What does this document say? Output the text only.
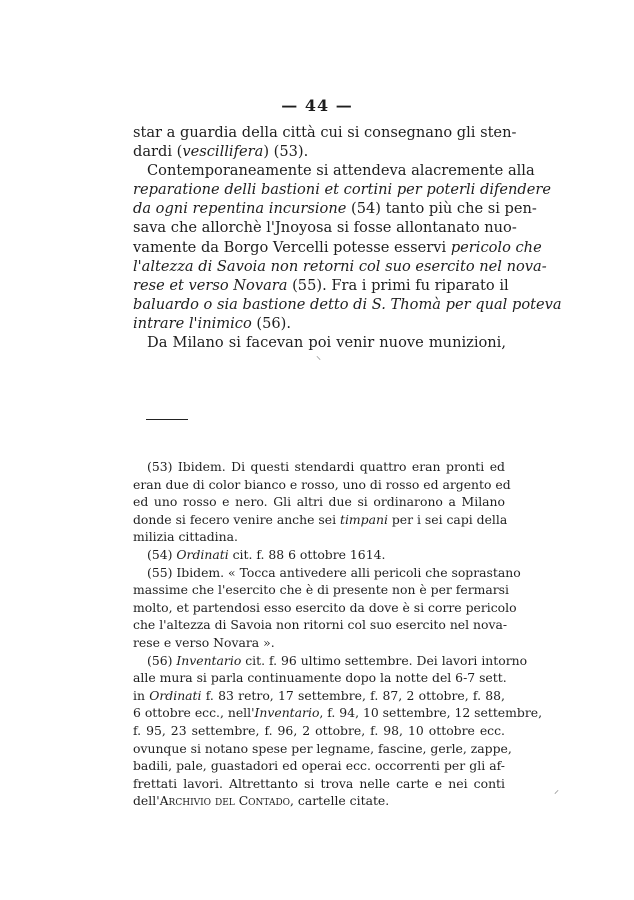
— 44 —
star a guardia della città cui si consegnano gli sten-
dardi (vescillifera) (53).
Contemporaneamente si attendeva alacremente alla
reparatione delli bastioni et cortini per poterli difendere
da ogni repentina incursione (54) tanto più che si pen-
sava che allorchè l'Jnoyosa si fosse allontanato nuo-
vamente da Borgo Vercelli potesse esservi pericolo che
l'altezza di Savoia non retorni col suo esercito nel nova-
rese et verso Novara (55). Fra i primi fu riparato il
baluardo o sia bastione detto di S. Thomà per qual poteva
intrare l'inimico (56).
Da Milano si facevan poi venir nuove munizioni,
(53) Ibidem. Di questi stendardi quattro eran pronti ed
eran due di color bianco e rosso, uno di rosso ed argento ed
ed uno rosso e nero. Gli altri due si ordinarono a Milano
donde si fecero venire anche sei timpani per i sei capi della
milizia cittadina.
(54) Ordinati cit. f. 88 6 ottobre 1614.
(55) Ibidem. « Tocca antivedere alli pericoli che soprastano
massime che l'esercito che è di presente non è per fermarsi
molto, et partendosi esso esercito da dove è si corre pericolo
che l'altezza di Savoia non ritorni col suo esercito nel nova-
rese e verso Novara ».
(56) Inventario cit. f. 96 ultimo settembre. Dei lavori intorno
alle mura si parla continuamente dopo la notte del 6-7 sett.
in Ordinati f. 83 retro, 17 settembre, f. 87, 2 ottobre, f. 88,
6 ottobre ecc., nell'Inventario, f. 94, 10 settembre, 12 settembre,
f. 95, 23 settembre, f. 96, 2 ottobre, f. 98, 10 ottobre ecc.
ovunque si notano spese per legname, fascine, gerle, zappe,
badili, pale, guastadori ed operai ecc. occorrenti per gli af-
frettati lavori. Altrettanto si trova nelle carte e nei conti
dell'Archivio del Contado, cartelle citate.
⸜
⸝
